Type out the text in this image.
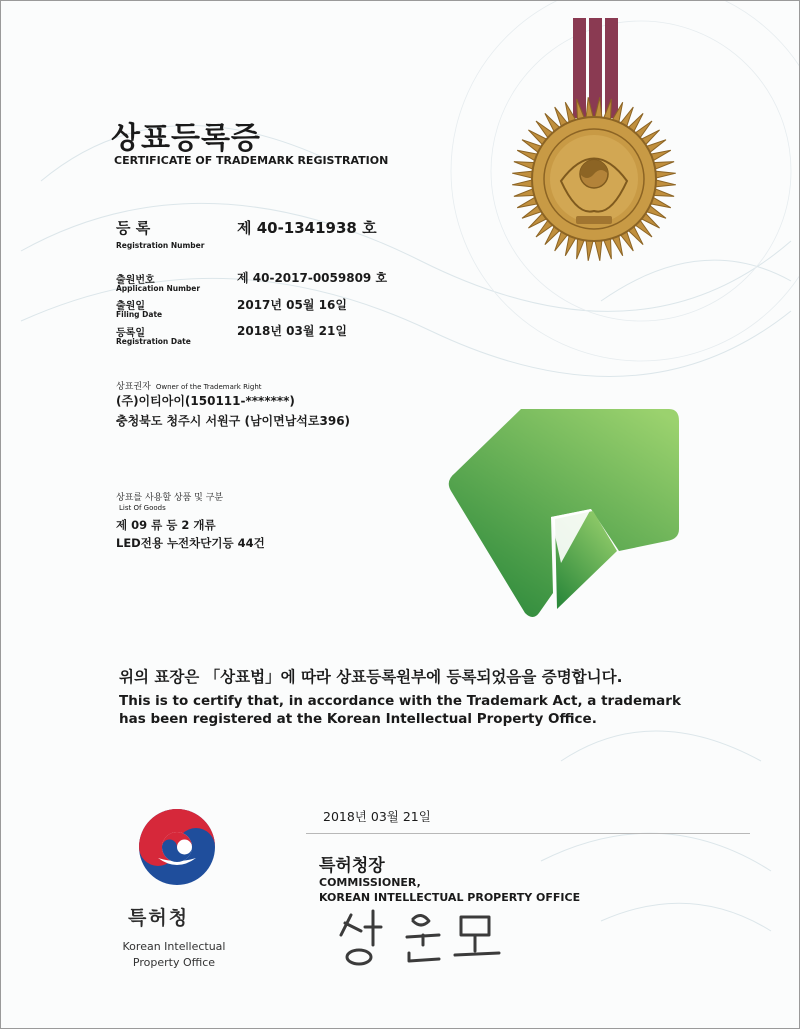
상표등록증
CERTIFICATE OF TRADEMARK REGISTRATION
등 록
Registration Number
제 40-1341938 호
출원번호
Application Number
제 40-2017-0059809 호
출원일
Filing Date
2017년 05월 16일
등록일
Registration Date
2018년 03월 21일
상표권자 Owner of the Trademark Right
(주)이티아이(150111-*******)
충청북도 청주시 서원구 (남이면남석로396)
상표를 사용할 상품 및 구분
List Of Goods
제 09 류 등 2 개류
LED전용 누전차단기등 44건
위의 표장은 「상표법」에 따라 상표등록원부에 등록되었음을 증명합니다.
This is to certify that, in accordance with the Trademark Act, a trademark
has been registered at the Korean Intellectual Property Office.
2018년 03월 21일
특허청장
COMMISSIONER,
KOREAN INTELLECTUAL PROPERTY OFFICE
특허청
Korean Intellectual
Property Office
